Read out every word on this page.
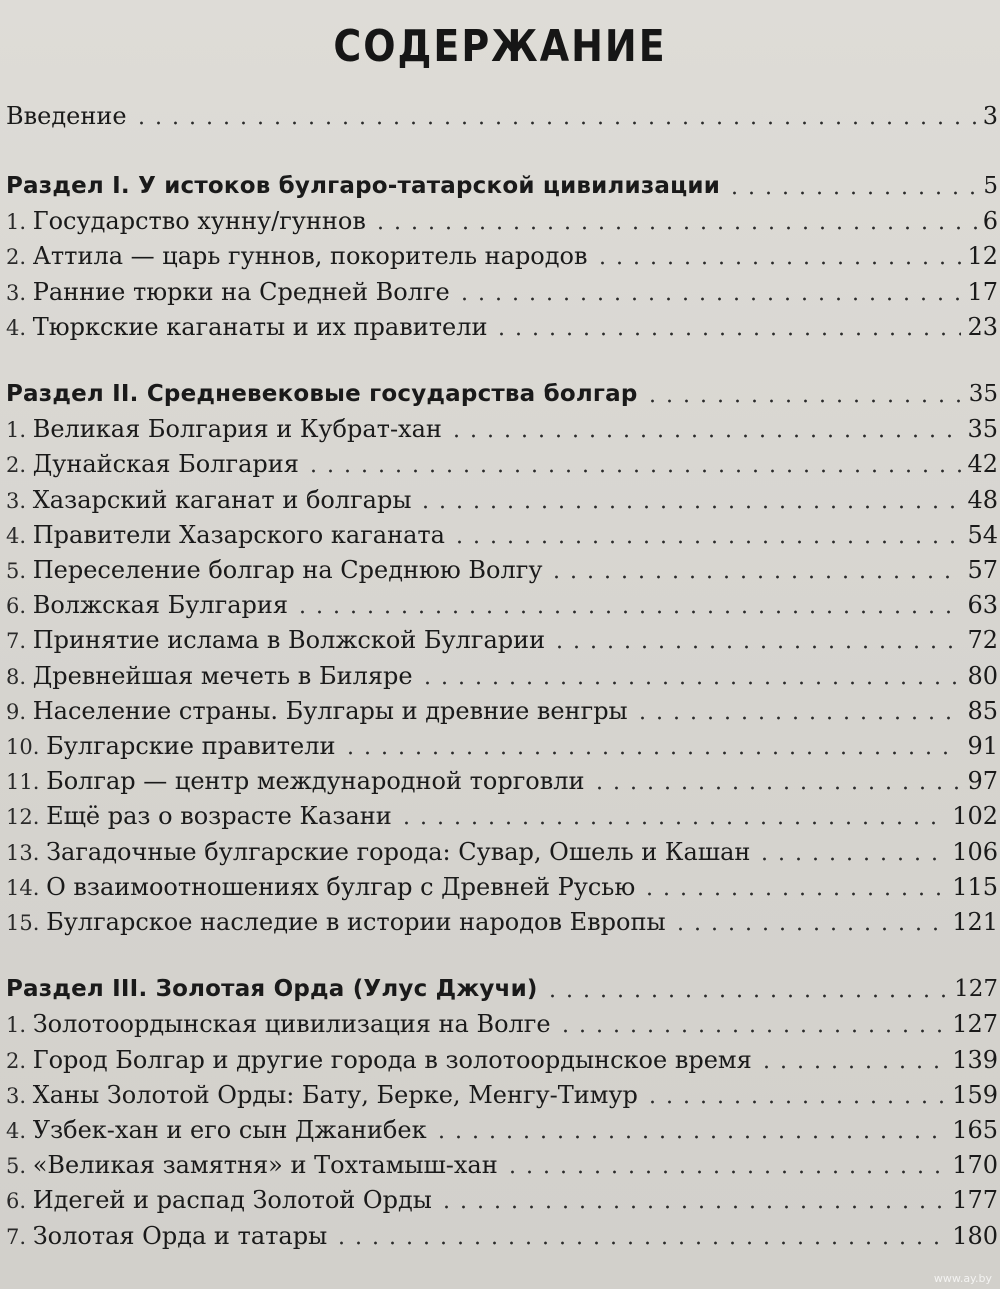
СОДЕРЖАНИЕ
Введение	3
Раздел I. У истоков булгаро-татарской цивилизации	5
1. Государство хунну/гуннов	6
2. Аттила — царь гуннов, покоритель народов	12
3. Ранние тюрки на Средней Волге	17
4. Тюркские каганаты и их правители	23
Раздел II. Средневековые государства болгар	35
1. Великая Болгария и Кубрат-хан	35
2. Дунайская Болгария	42
3. Хазарский каганат и болгары	48
4. Правители Хазарского каганата	54
5. Переселение болгар на Среднюю Волгу	57
6. Волжская Булгария	63
7. Принятие ислама в Волжской Булгарии	72
8. Древнейшая мечеть в Биляре	80
9. Население страны. Булгары и древние венгры	85
10. Булгарские правители	91
11. Болгар — центр международной торговли	97
12. Ещё раз о возрасте Казани	102
13. Загадочные булгарские города: Сувар, Ошель и Кашан	106
14. О взаимоотношениях булгар с Древней Русью	115
15. Булгарское наследие в истории народов Европы	121
Раздел III. Золотая Орда (Улус Джучи)	127
1. Золотоордынская цивилизация на Волге	127
2. Город Болгар и другие города в золотоордынское время	139
3. Ханы Золотой Орды: Бату, Берке, Менгу-Тимур	159
4. Узбек-хан и его сын Джанибек	165
5. «Великая замятня» и Тохтамыш-хан	170
6. Идегей и распад Золотой Орды	177
7. Золотая Орда и татары	180
www.ay.by
